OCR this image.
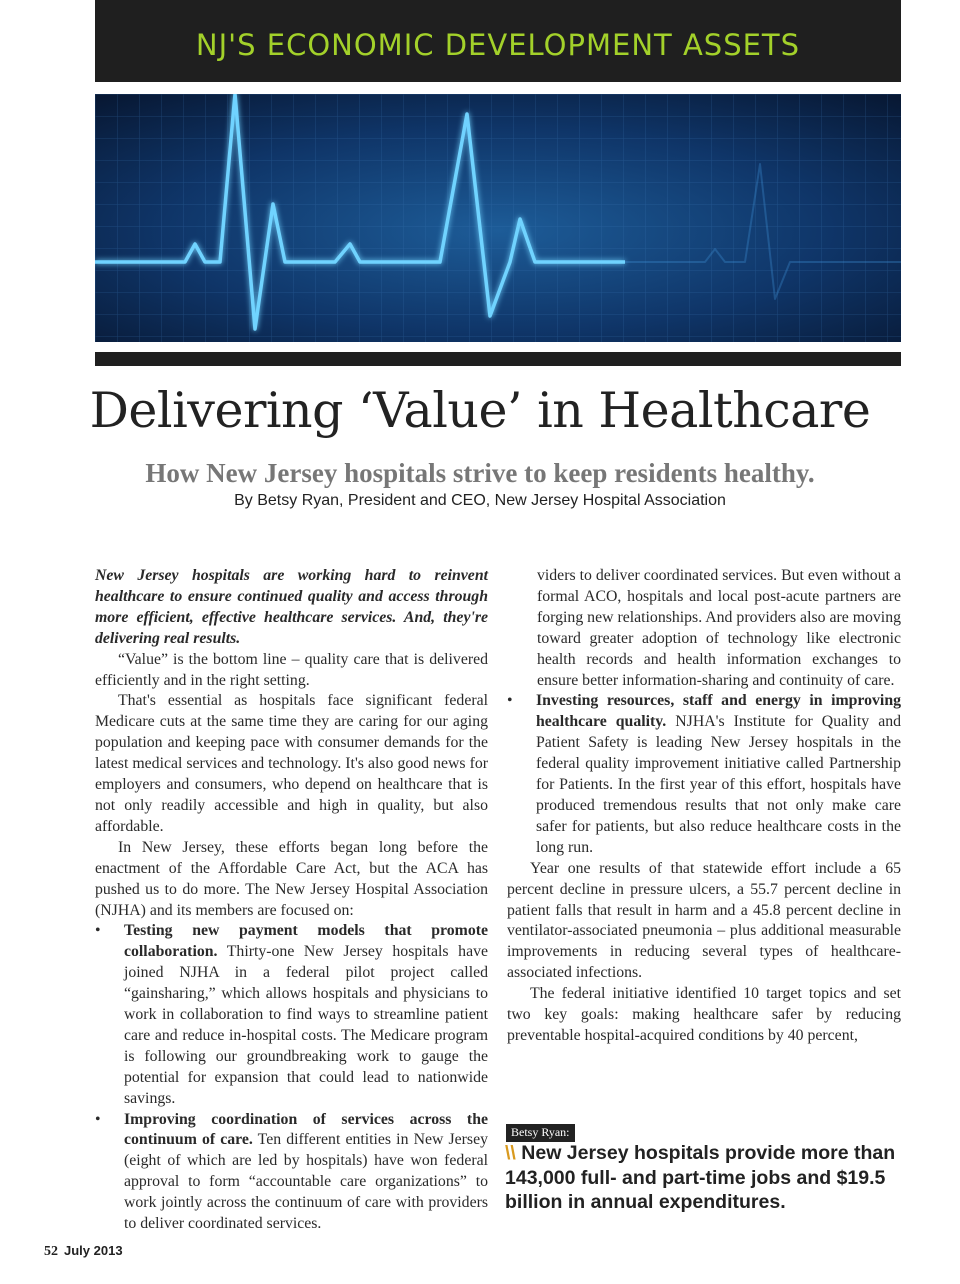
NJ'S ECONOMIC DEVELOPMENT ASSETS
Delivering ‘Value’ in Healthcare
How New Jersey hospitals strive to keep residents healthy.
By Betsy Ryan, President and CEO, New Jersey Hospital Association

New Jersey hospitals are working hard to reinvent healthcare to ensure continued quality and access through more efficient, effective healthcare services. And, they're delivering real results.

“Value” is the bottom line – quality care that is delivered efficiently and in the right setting.

That's essential as hospitals face significant federal Medicare cuts at the same time they are caring for our aging population and keeping pace with consumer demands for the latest medical services and technology. It's also good news for employers and consumers, who depend on healthcare that is not only readily accessible and high in quality, but also affordable.

In New Jersey, these efforts began long before the enactment of the Affordable Care Act, but the ACA has pushed us to do more. The New Jersey Hospital Association (NJHA) and its members are focused on:

• Testing new payment models that promote collaboration. Thirty-one New Jersey hospitals have joined NJHA in a federal pilot project called “gainsharing,” which allows hospitals and physicians to work in collaboration to find ways to streamline patient care and reduce in-hospital costs. The Medicare program is following our groundbreaking work to gauge the potential for expansion that could lead to nationwide savings.
• Improving coordination of services across the continuum of care. Ten different entities in New Jersey (eight of which are led by hospitals) have won federal approval to form “accountable care organizations” to work jointly across the continuum of care with providers to deliver coordinated services.

viders to deliver coordinated services. But even without a formal ACO, hospitals and local post-acute partners are forging new relationships. And providers also are moving toward greater adoption of technology like electronic health records and health information exchanges to ensure better information-sharing and continuity of care.

• Investing resources, staff and energy in improving healthcare quality. NJHA's Institute for Quality and Patient Safety is leading New Jersey hospitals in the federal quality improvement initiative called Partnership for Patients. In the first year of this effort, hospitals have produced tremendous results that not only make care safer for patients, but also reduce healthcare costs in the long run.

Year one results of that statewide effort include a 65 percent decline in pressure ulcers, a 55.7 percent decline in patient falls that result in harm and a 45.8 percent decline in ventilator-associated pneumonia – plus additional measurable improvements in reducing several types of healthcare-associated infections.

The federal initiative identified 10 target topics and set two key goals: making healthcare safer by reducing preventable hospital-acquired conditions by 40 percent,

Betsy Ryan:
\\ New Jersey hospitals provide more than 143,000 full- and part-time jobs and $19.5 billion in annual expenditures.
52 July 2013
